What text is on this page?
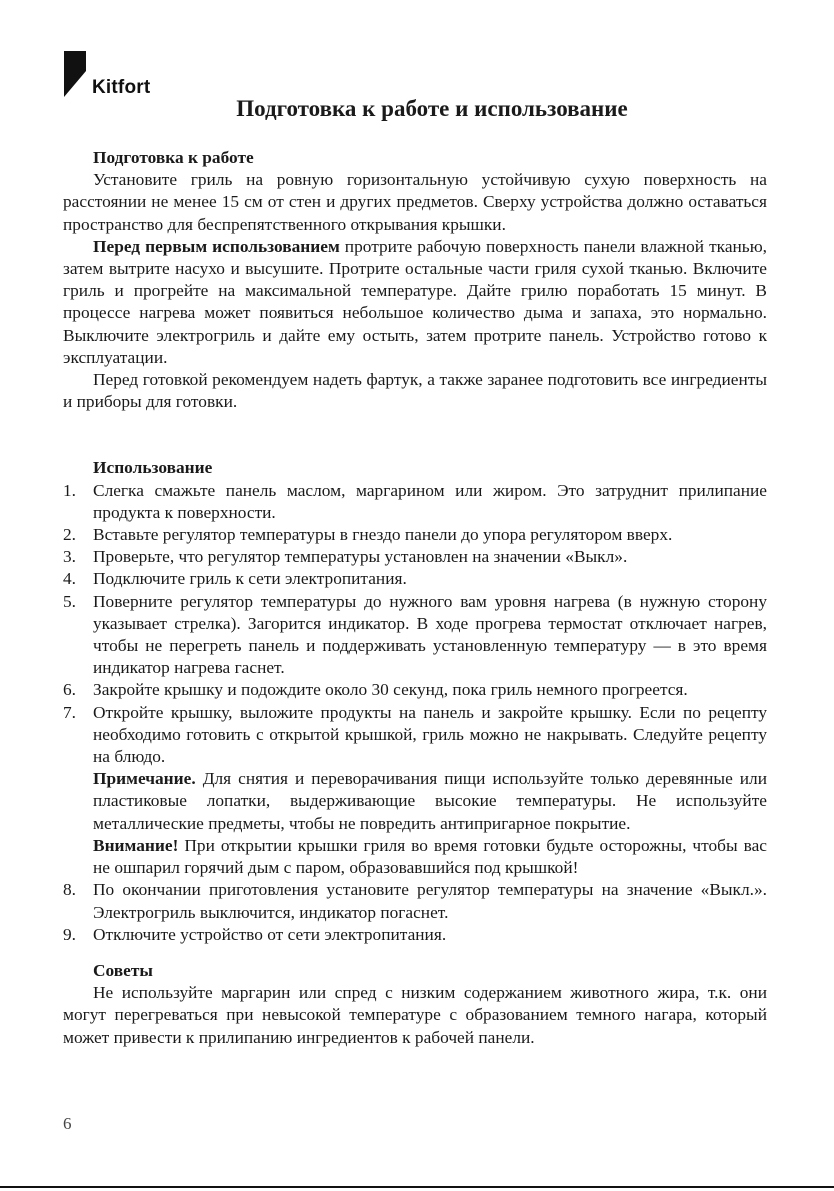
Kitfort
Подготовка к работе и использование

Подготовка к работе

Установите гриль на ровную горизонтальную устойчивую сухую поверхность на расстоянии не менее 15 см от стен и других предметов. Сверху устройства должно оставаться пространство для беспрепятственного открывания крышки.

Перед первым использованием протрите рабочую поверхность панели влажной тканью, затем вытрите насухо и высушите. Протрите остальные части гриля сухой тканью. Включите гриль и прогрейте на максимальной температуре. Дайте грилю поработать 15 минут. В процессе нагрева может появиться небольшое количество дыма и запаха, это нормально. Выключите электрогриль и дайте ему остыть, затем протрите панель. Устройство готово к эксплуатации.

Перед готовкой рекомендуем надеть фартук, а также заранее подготовить все ингредиенты и приборы для готовки.

Использование

1. Слегка смажьте панель маслом, маргарином или жиром. Это затруднит прилипание продукта к поверхности.

2. Вставьте регулятор температуры в гнездо панели до упора регулятором вверх.

3. Проверьте, что регулятор температуры установлен на значении «Выкл».

4. Подключите гриль к сети электропитания.

5. Поверните регулятор температуры до нужного вам уровня нагрева (в нужную сторону указывает стрелка). Загорится индикатор. В ходе прогрева термостат отключает нагрев, чтобы не перегреть панель и поддерживать установленную температуру — в это время индикатор нагрева гаснет.

6. Закройте крышку и подождите около 30 секунд, пока гриль немного прогреется.

7. Откройте крышку, выложите продукты на панель и закройте крышку. Если по рецепту необходимо готовить с открытой крышкой, гриль можно не накрывать. Следуйте рецепту на блюдо.

Примечание. Для снятия и переворачивания пищи используйте только деревянные или пластиковые лопатки, выдерживающие высокие температуры. Не используйте металлические предметы, чтобы не повредить антипригарное покрытие.

Внимание! При открытии крышки гриля во время готовки будьте осторожны, чтобы вас не ошпарил горячий дым с паром, образовавшийся под крышкой!

8. По окончании приготовления установите регулятор температуры на значение «Выкл.». Электрогриль выключится, индикатор погаснет.

9. Отключите устройство от сети электропитания.

Советы

Не используйте маргарин или спред с низким содержанием животного жира, т.к. они могут перегреваться при невысокой температуре с образованием темного нагара, который может привести к прилипанию ингредиентов к рабочей панели.

6
